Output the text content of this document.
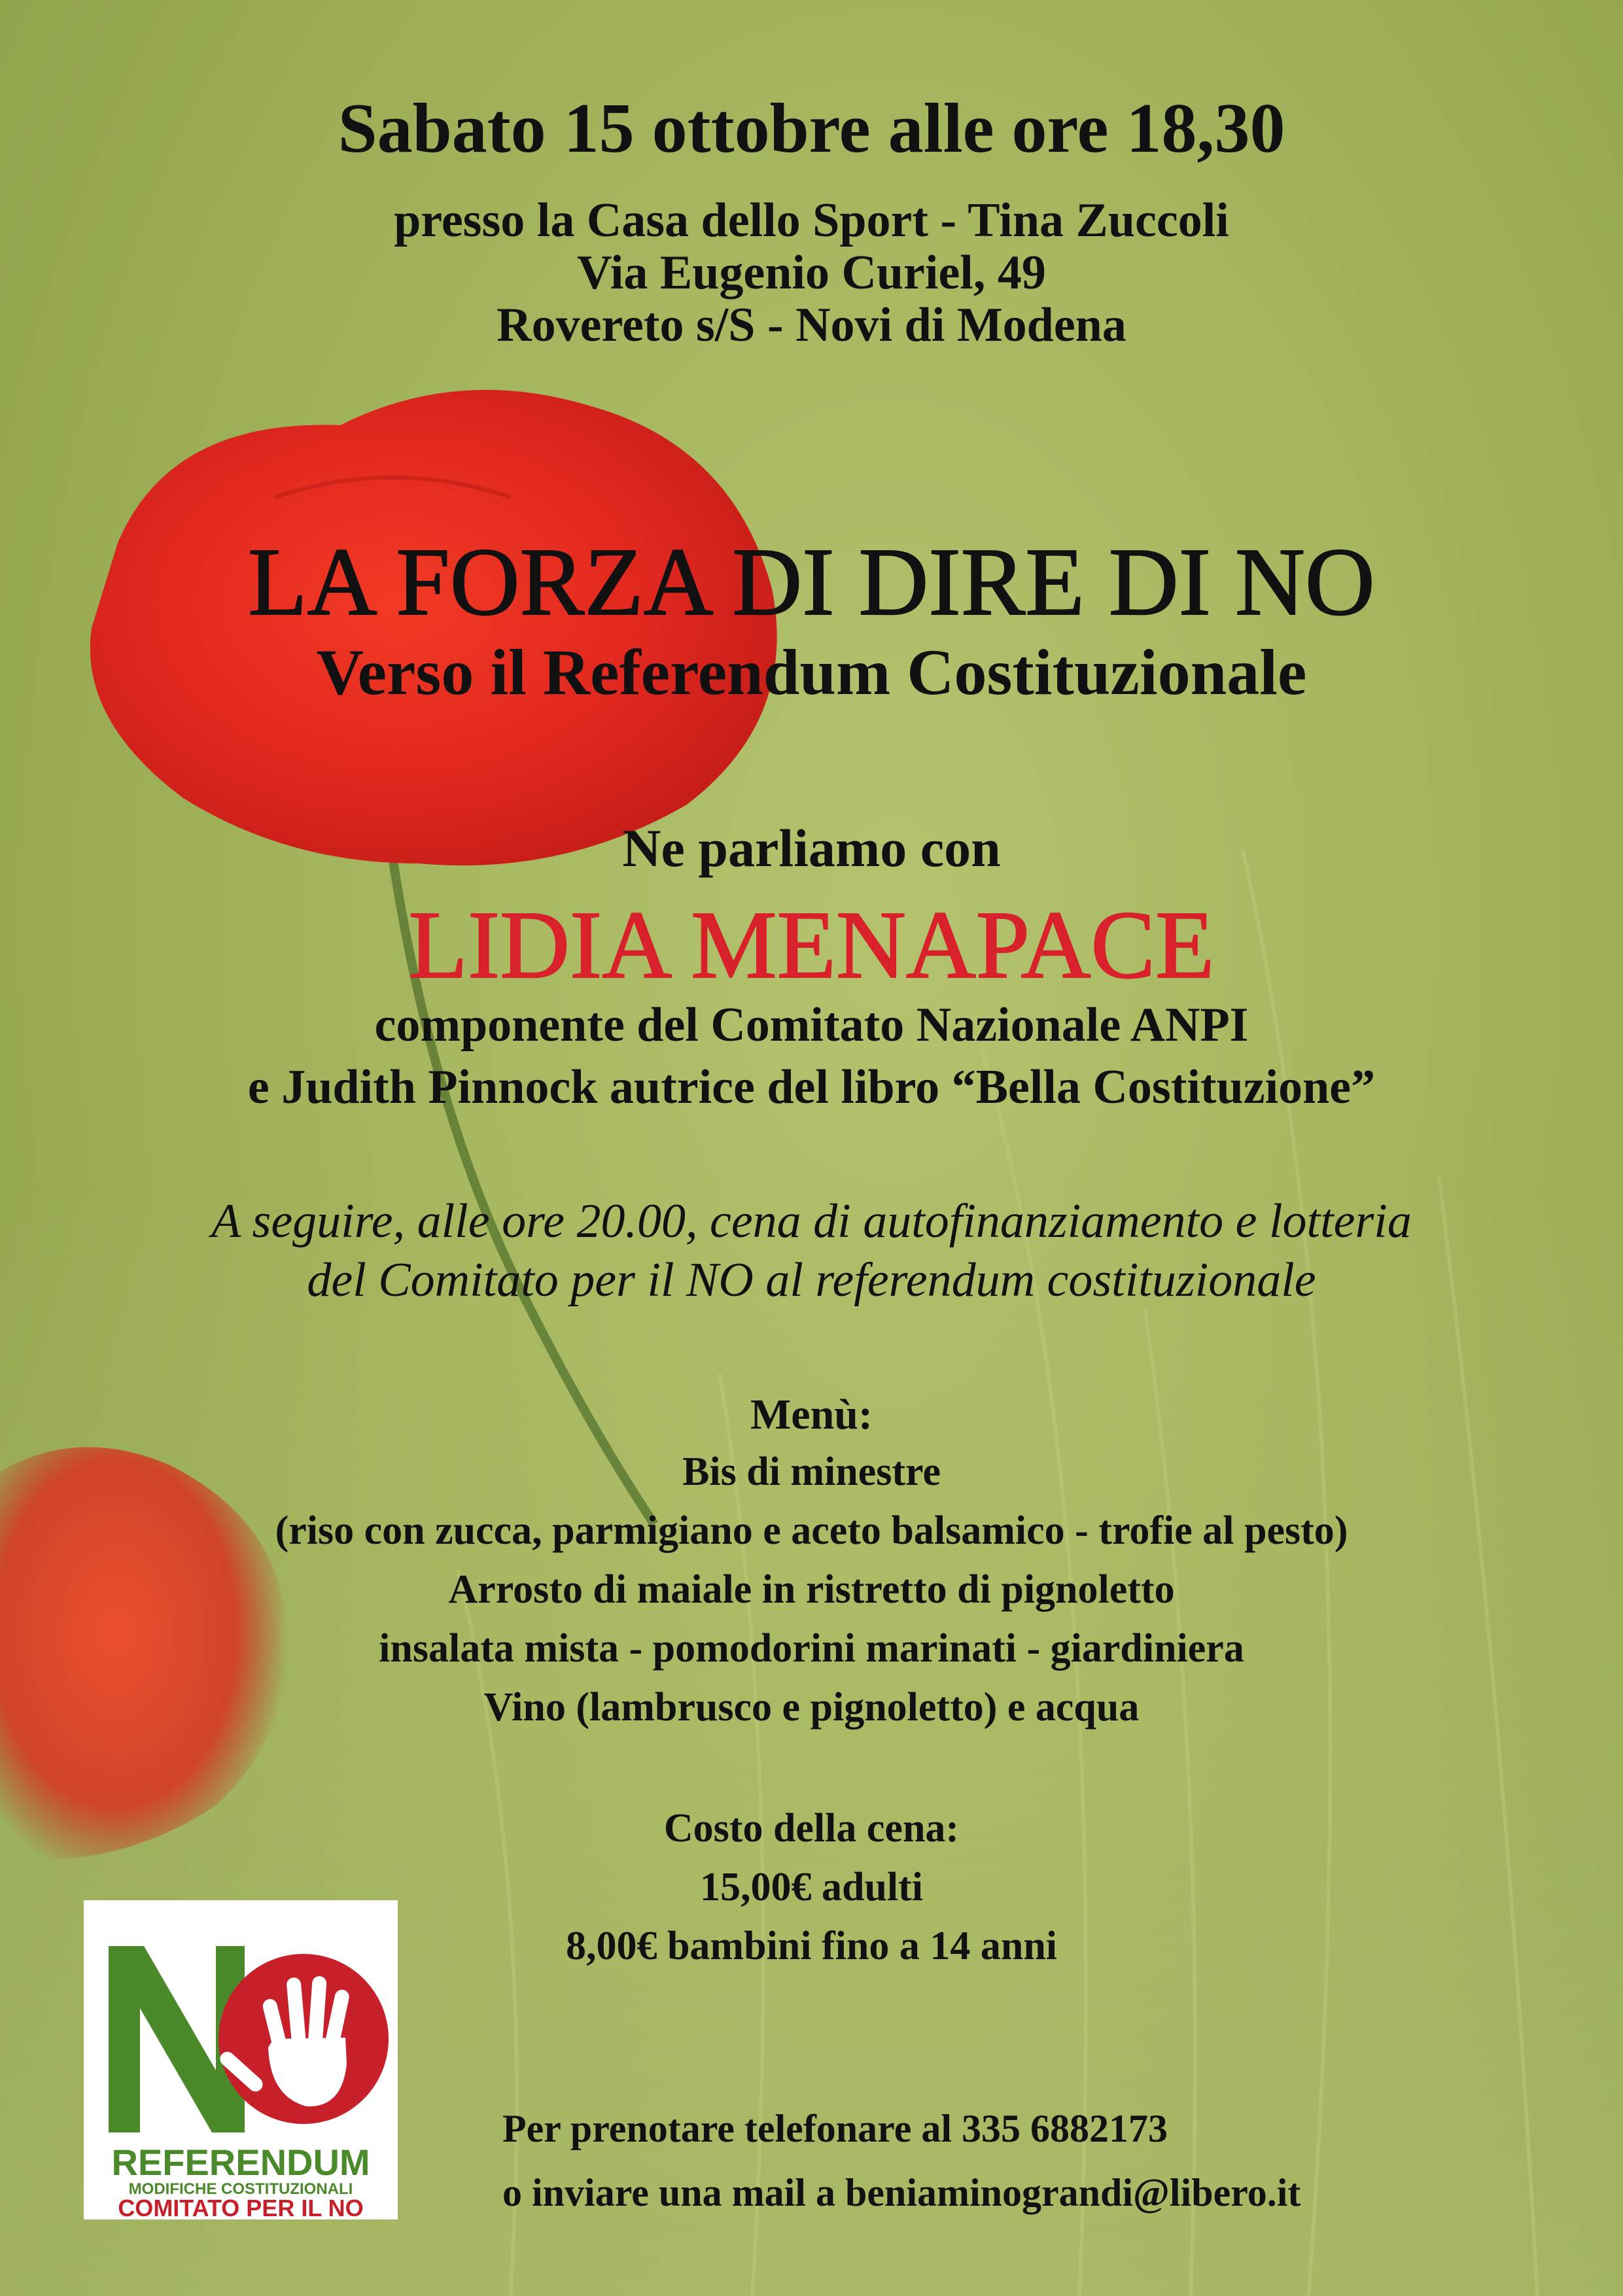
Sabato 15 ottobre alle ore 18,30
presso la Casa dello Sport - Tina Zuccoli
Via Eugenio Curiel, 49
Rovereto s/S - Novi di Modena
LA FORZA DI DIRE DI NO
Verso il Referendum Costituzionale
Ne parliamo con
LIDIA MENAPACE
componente del Comitato Nazionale ANPI
e Judith Pinnock autrice del libro “Bella Costituzione”
A seguire, alle ore 20.00, cena di autofinanziamento e lotteria
del Comitato per il NO al referendum costituzionale
Menù:
Bis di minestre
(riso con zucca, parmigiano e aceto balsamico - trofie al pesto)
Arrosto di maiale in ristretto di pignoletto
insalata mista - pomodorini marinati - giardiniera
Vino (lambrusco e pignoletto) e acqua
Costo della cena:
15,00€ adulti
8,00€ bambini fino a 14 anni
REFERENDUM
MODIFICHE COSTITUZIONALI
COMITATO PER IL NO
Per prenotare telefonare al 335 6882173
o inviare una mail a beniaminograndi@libero.it
